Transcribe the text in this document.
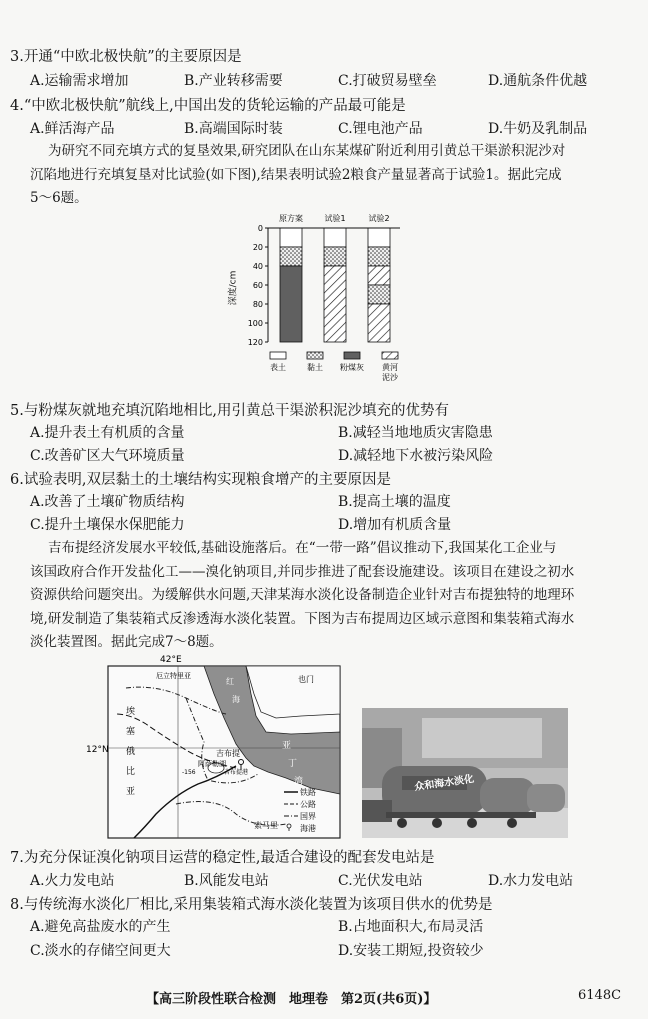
3.开通“中欧北极快航”的主要原因是
A.运输需求增加	B.产业转移需要	C.打破贸易壁垒	D.通航条件优越
4.“中欧北极快航”航线上,中国出发的货轮运输的产品最可能是
A.鲜活海产品	B.高端国际时装	C.锂电池产品	D.牛奶及乳制品
为研究不同充填方式的复垦效果,研究团队在山东某煤矿附近利用引黄总干渠淤积泥沙对
沉陷地进行充填复垦对比试验(如下图),结果表明试验2粮食产量显著高于试验1。据此完成
5～6题。
原方案	试验1	试验2
0
20
40
60
80
100
120
表土	黏土 粉煤灰 黄河
泥沙
深度/cm
5.与粉煤灰就地充填沉陷地相比,用引黄总干渠淤积泥沙填充的优势有
A.提升表土有机质的含量	B.减轻当地地质灾害隐患
C.改善矿区大气环境质量	D.减轻地下水被污染风险
6.试验表明,双层黏土的土壤结构实现粮食增产的主要原因是
A.改善了土壤矿物质结构	B.提高土壤的温度
C.提升土壤保水保肥能力	D.增加有机质含量
吉布提经济发展水平较低,基础设施落后。在“一带一路”倡议推动下,我国某化工企业与
该国政府合作开发盐化工——溴化钠项目,并同步推进了配套设施建设。该项目在建设之初水
资源供给问题突出。为缓解供水问题,天津某海水淡化设备制造企业针对吉布提独特的地理环
境,研发制造了集装箱式反渗透海水淡化装置。下图为吉布提周边区域示意图和集装箱式海水
淡化装置图。据此完成7～8题。
42°E
12°N
厄立特里亚	也门
埃
塞
俄
比
亚
红
海
亚
丁
湾
吉布提
阿萨勒湖
-156	吉布提港
索马里
铁路
公路
国界
海港
众和海水淡化
7.为充分保证溴化钠项目运营的稳定性,最适合建设的配套发电站是
A.火力发电站	B.风能发电站	C.光伏发电站	D.水力发电站
8.与传统海水淡化厂相比,采用集装箱式海水淡化装置为该项目供水的优势是
A.避免高盐废水的产生	B.占地面积大,布局灵活
C.淡水的存储空间更大	D.安装工期短,投资较少
【高三阶段性联合检测　地理卷　第2页(共6页)】	6148C
